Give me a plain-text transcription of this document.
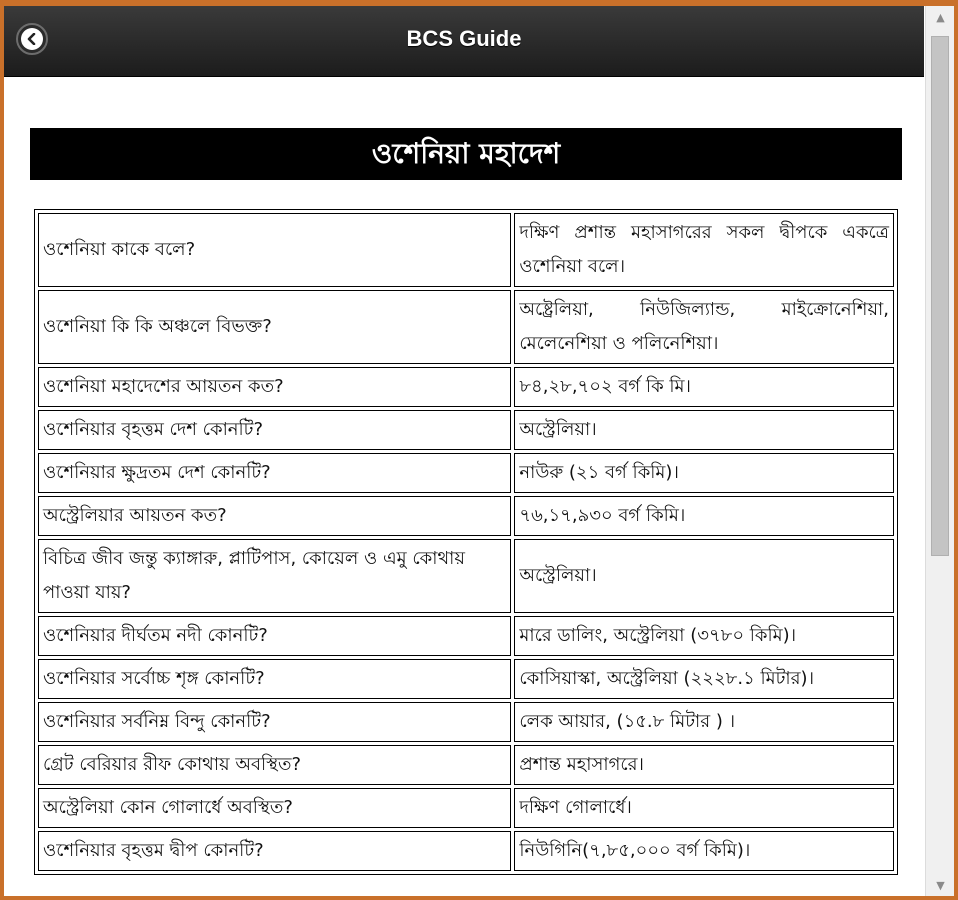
BCS Guide
ওশেনিয়া মহাদেশ
ওশেনিয়া কাকে বলে?	দক্ষিণ প্রশান্ত মহাসাগরের সকল দ্বীপকে একত্রে ওশেনিয়া বলে।
ওশেনিয়া কি কি অঞ্চলে বিভক্ত?	অষ্ট্রেলিয়া, নিউজিল্যান্ড, মাইক্রোনেশিয়া, মেলেনেশিয়া ও পলিনেশিয়া।
ওশেনিয়া মহাদেশের আয়তন কত?	৮৪,২৮,৭০২ বর্গ কি মি।
ওশেনিয়ার বৃহত্তম দেশ কোনটি?	অস্ট্রেলিয়া।
ওশেনিয়ার ক্ষুদ্রতম দেশ কোনটি?	নাউরু (২১ বর্গ কিমি)।
অস্ট্রেলিয়ার আয়তন কত?	৭৬,১৭,৯৩০ বর্গ কিমি।
বিচিত্র জীব জন্তু ক্যাঙ্গারু, প্লাটিপাস, কোয়েল ও এমু কোথায় পাওয়া যায়?	অস্ট্রেলিয়া।
ওশেনিয়ার দীর্ঘতম নদী কোনটি?	মারে ডালিং, অস্ট্রেলিয়া (৩৭৮০ কিমি)।
ওশেনিয়ার সর্বোচ্চ শৃঙ্গ কোনটি?	কোসিয়াস্কা, অস্ট্রেলিয়া (২২২৮.১ মিটার)।
ওশেনিয়ার সর্বনিম্ন বিন্দু কোনটি?	লেক আয়ার, (১৫.৮ মিটার ) ।
গ্রেট বেরিয়ার রীফ কোথায় অবস্থিত?	প্রশান্ত মহাসাগরে।
অস্ট্রেলিয়া কোন গোলার্ধে অবস্থিত?	দক্ষিণ গোলার্ধে।
ওশেনিয়ার বৃহত্তম দ্বীপ কোনটি?	নিউগিনি(৭,৮৫,০০০ বর্গ কিমি)।
▲
▼
